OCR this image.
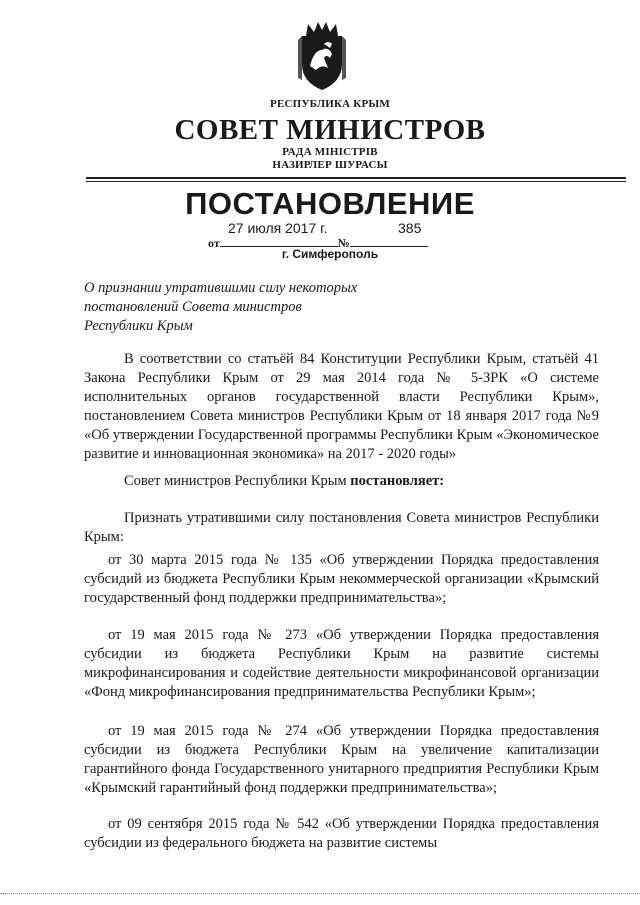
РЕСПУБЛИКА КРЫМ
СОВЕТ МИНИСТРОВ
РАДА МІНІСТРІВ
НАЗИРЛЕР ШУРАСЫ
ПОСТАНОВЛЕНИЕ
27 июля 2017 г.	385
от	№
г. Симферополь
О признании утратившими силу некоторых
постановлений Совета министров
Республики Крым

В соответствии со статьёй 84 Конституции Республики Крым, статьёй 41 Закона Республики Крым от 29 мая 2014 года № 5-ЗРК «О системе исполнительных органов государственной власти Республики Крым», постановлением Совета министров Республики Крым от 18 января 2017 года №9 «Об утверждении Государственной программы Республики Крым «Экономическое развитие и инновационная экономика» на 2017 - 2020 годы»

Совет министров Республики Крым постановляет:

Признать утратившими силу постановления Совета министров Республики Крым:

от 30 марта 2015 года № 135 «Об утверждении Порядка предоставления субсидий из бюджета Республики Крым некоммерческой организации «Крымский государственный фонд поддержки предпринимательства»;

от 19 мая 2015 года № 273 «Об утверждении Порядка предоставления субсидии из бюджета Республики Крым на развитие системы микрофинансирования и содействие деятельности микрофинансовой организации «Фонд микрофинансирования предпринимательства Республики Крым»;

от 19 мая 2015 года № 274 «Об утверждении Порядка предоставления субсидии из бюджета Республики Крым на увеличение капитализации гарантийного фонда Государственного унитарного предприятия Республики Крым «Крымский гарантийный фонд поддержки предпринимательства»;

от 09 сентября 2015 года № 542 «Об утверждении Порядка предоставления субсидии из федерального бюджета на развитие системы
